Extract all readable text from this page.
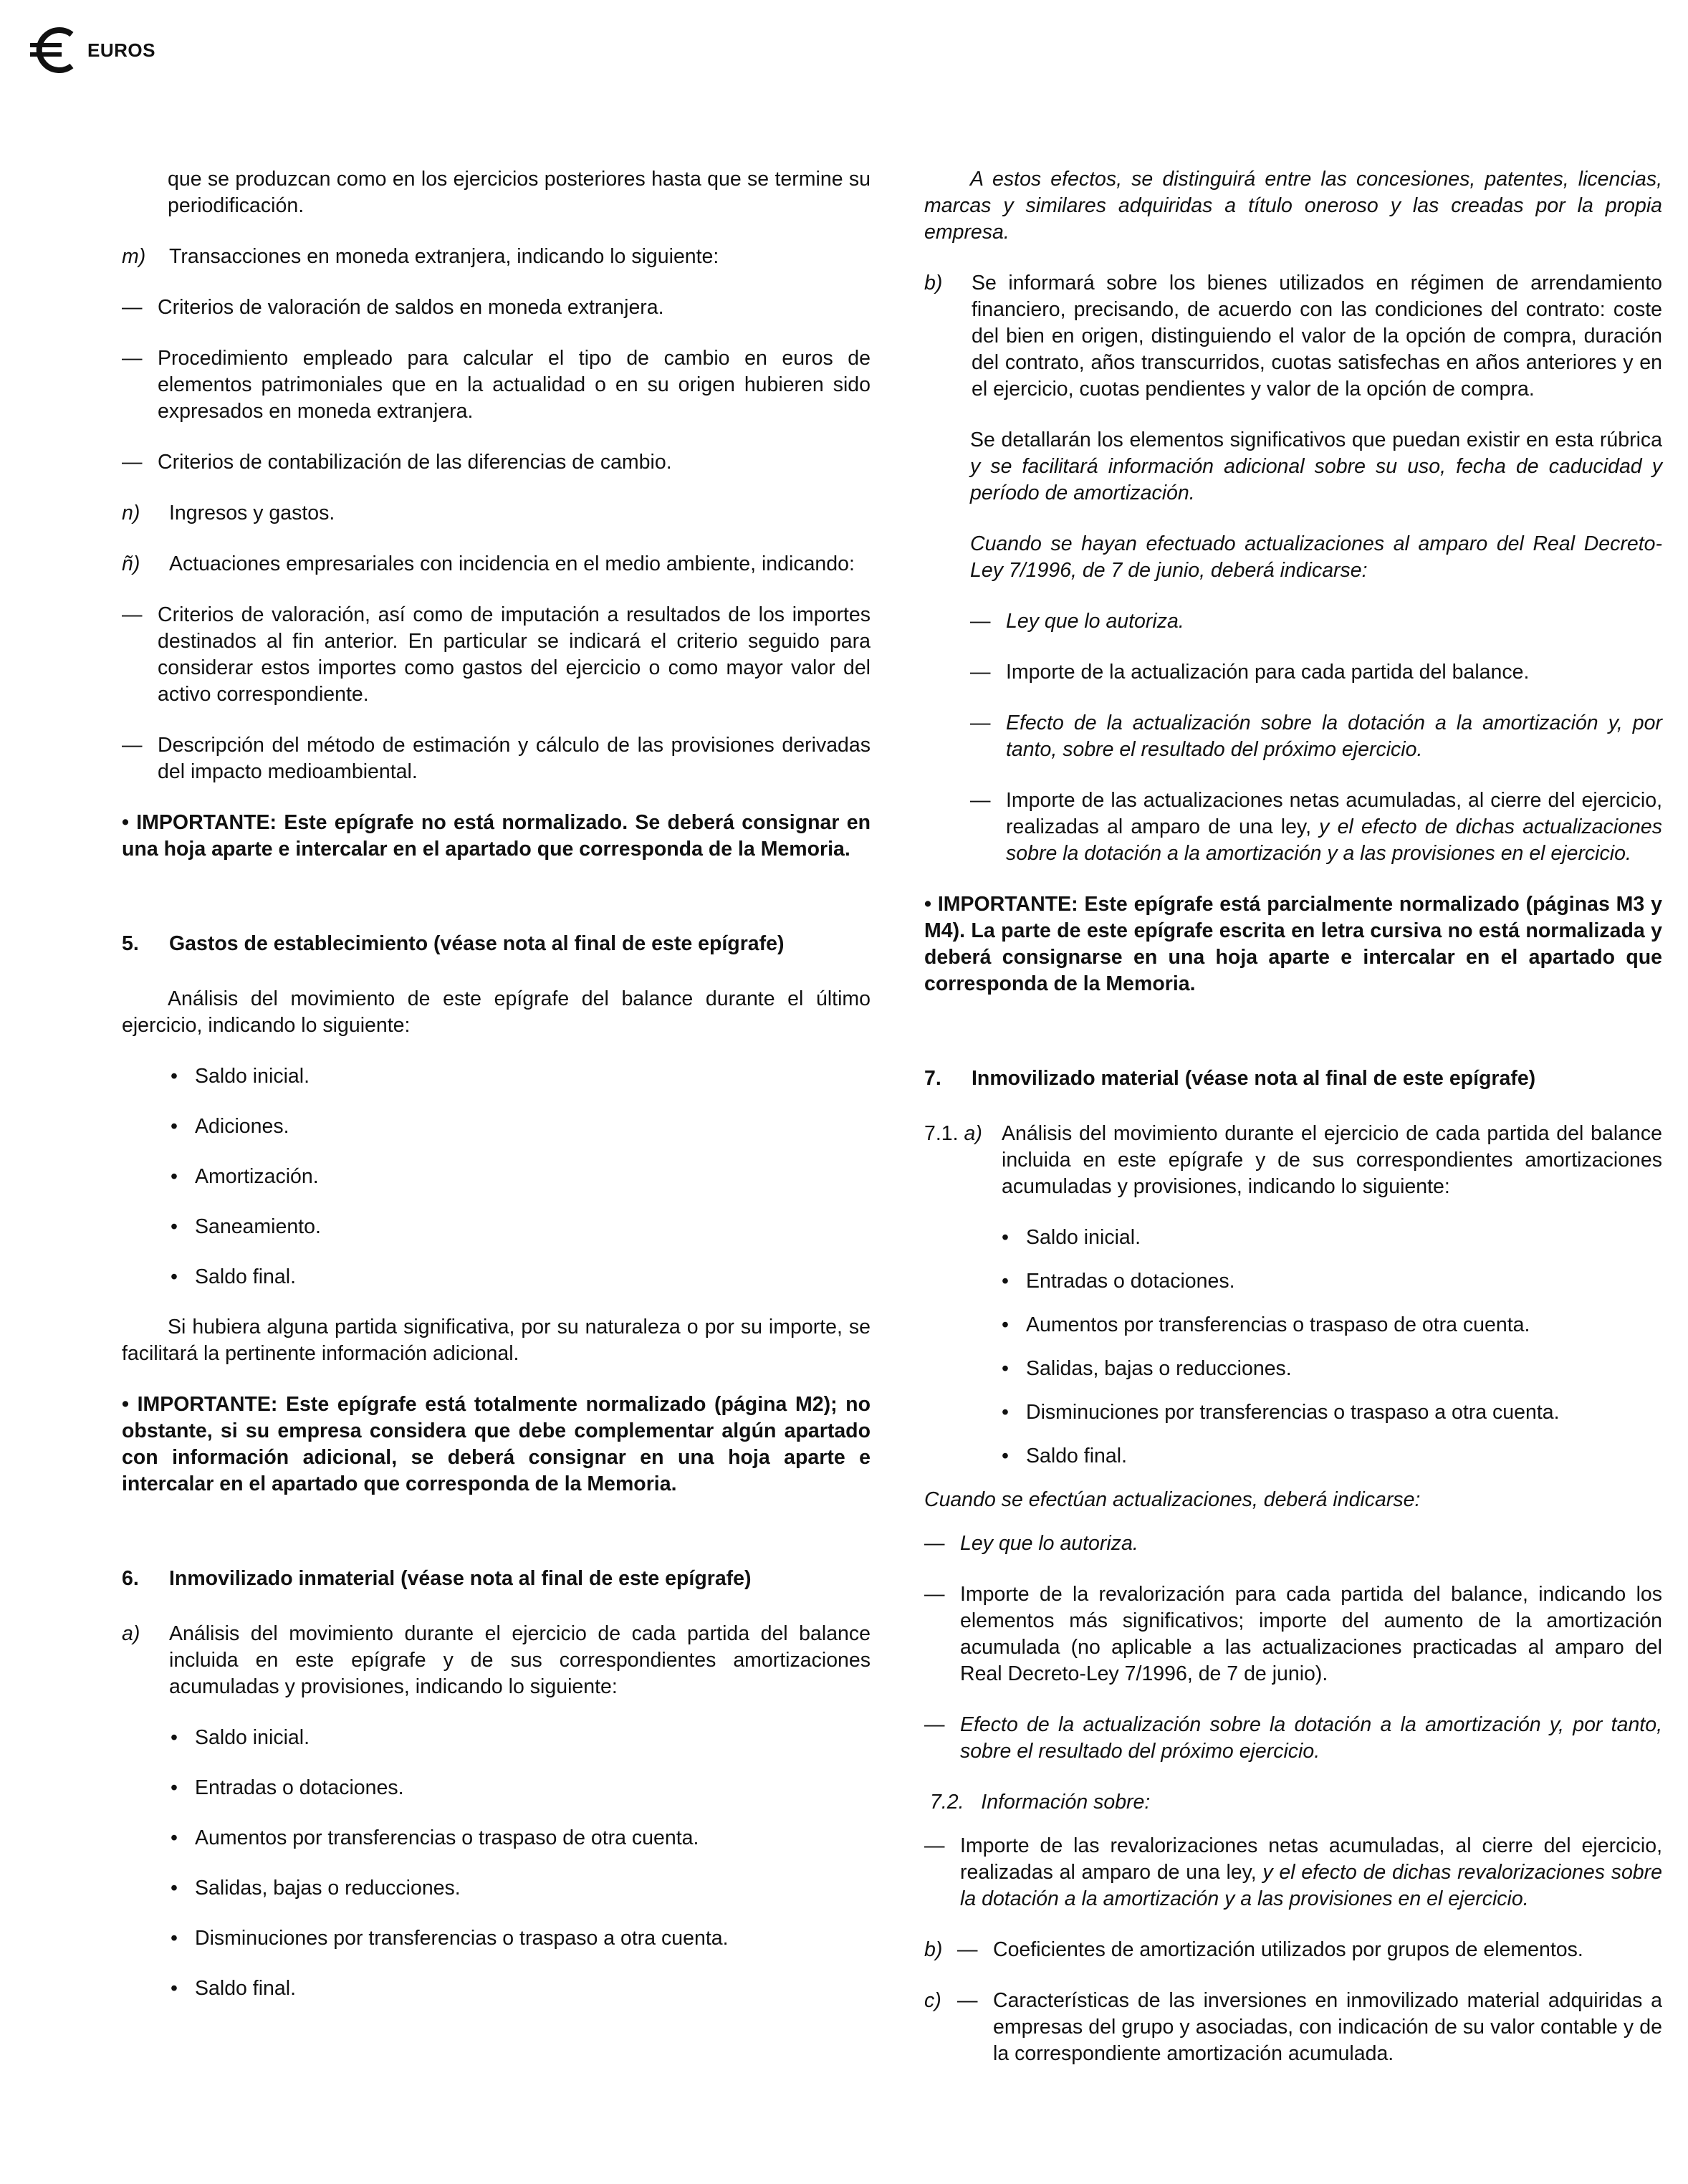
EUROS

que se produzcan como en los ejercicios posteriores hasta que se termine su periodificación.

m)	Transacciones en moneda extranjera, indicando lo siguiente:
— Criterios de valoración de saldos en moneda extranjera.
— Procedimiento empleado para calcular el tipo de cambio en euros de elementos patrimoniales que en la actualidad o en su origen hubieren sido expresados en moneda extranjera.
— Criterios de contabilización de las diferencias de cambio.
n)	Ingresos y gastos.
ñ)	Actuaciones empresariales con incidencia en el medio ambiente, indicando:
— Criterios de valoración, así como de imputación a resultados de los importes destinados al fin anterior. En particular se indicará el criterio seguido para considerar estos importes como gastos del ejercicio o como mayor valor del activo correspondiente.
— Descripción del método de estimación y cálculo de las provisiones derivadas del impacto medioambiental.

• IMPORTANTE: Este epígrafe no está normalizado. Se deberá consignar en una hoja aparte e intercalar en el apartado que corresponda de la Memoria.

5.	Gastos de establecimiento (véase nota al final de este epígrafe)

Análisis del movimiento de este epígrafe del balance durante el último ejercicio, indicando lo siguiente:

• Saldo inicial.
• Adiciones.
• Amortización.
• Saneamiento.
• Saldo final.

Si hubiera alguna partida significativa, por su naturaleza o por su importe, se facilitará la pertinente información adicional.

• IMPORTANTE: Este epígrafe está totalmente normalizado (página M2); no obstante, si su empresa considera que debe complementar algún apartado con información adicional, se deberá consignar en una hoja aparte e intercalar en el apartado que corresponda de la Memoria.

6.	Inmovilizado inmaterial (véase nota al final de este epígrafe)
a)	Análisis del movimiento durante el ejercicio de cada partida del balance incluida en este epígrafe y de sus correspondientes amortizaciones acumuladas y provisiones, indicando lo siguiente:
• Saldo inicial.
• Entradas o dotaciones.
• Aumentos por transferencias o traspaso de otra cuenta.
• Salidas, bajas o reducciones.
• Disminuciones por transferencias o traspaso a otra cuenta.
• Saldo final.

A estos efectos, se distinguirá entre las concesiones, patentes, licencias, marcas y similares adquiridas a título oneroso y las creadas por la propia empresa.

b)	Se informará sobre los bienes utilizados en régimen de arrendamiento financiero, precisando, de acuerdo con las condiciones del contrato: coste del bien en origen, distinguiendo el valor de la opción de compra, duración del contrato, años transcurridos, cuotas satisfechas en años anteriores y en el ejercicio, cuotas pendientes y valor de la opción de compra.

Se detallarán los elementos significativos que puedan existir en esta rúbrica y se facilitará información adicional sobre su uso, fecha de caducidad y período de amortización.

Cuando se hayan efectuado actualizaciones al amparo del Real Decreto-Ley 7/1996, de 7 de junio, deberá indicarse:

— Ley que lo autoriza.
— Importe de la actualización para cada partida del balance.
— Efecto de la actualización sobre la dotación a la amortización y, por tanto, sobre el resultado del próximo ejercicio.
— Importe de las actualizaciones netas acumuladas, al cierre del ejercicio, realizadas al amparo de una ley, y el efecto de dichas actualizaciones sobre la dotación a la amortización y a las provisiones en el ejercicio.

• IMPORTANTE: Este epígrafe está parcialmente normalizado (páginas M3 y M4). La parte de este epígrafe escrita en letra cursiva no está normalizada y deberá consignarse en una hoja aparte e intercalar en el apartado que corresponda de la Memoria.

7.	Inmovilizado material (véase nota al final de este epígrafe)
7.1. a) Análisis del movimiento durante el ejercicio de cada partida del balance incluida en este epígrafe y de sus correspondientes amortizaciones acumuladas y provisiones, indicando lo siguiente:
• Saldo inicial.
• Entradas o dotaciones.
• Aumentos por transferencias o traspaso de otra cuenta.
• Salidas, bajas o reducciones.
• Disminuciones por transferencias o traspaso a otra cuenta.
• Saldo final.

Cuando se efectúan actualizaciones, deberá indicarse:

— Ley que lo autoriza.
— Importe de la revalorización para cada partida del balance, indicando los elementos más significativos; importe del aumento de la amortización acumulada (no aplicable a las actualizaciones practicadas al amparo del Real Decreto-Ley 7/1996, de 7 de junio).
— Efecto de la actualización sobre la dotación a la amortización y, por tanto, sobre el resultado del próximo ejercicio.

7.2.   Información sobre:

— Importe de las revalorizaciones netas acumuladas, al cierre del ejercicio, realizadas al amparo de una ley, y el efecto de dichas revalorizaciones sobre la dotación a la amortización y a las provisiones en el ejercicio.
b) — Coeficientes de amortización utilizados por grupos de elementos.
c) — Características de las inversiones en inmovilizado material adquiridas a empresas del grupo y asociadas, con indicación de su valor contable y de la correspondiente amortización acumulada.
